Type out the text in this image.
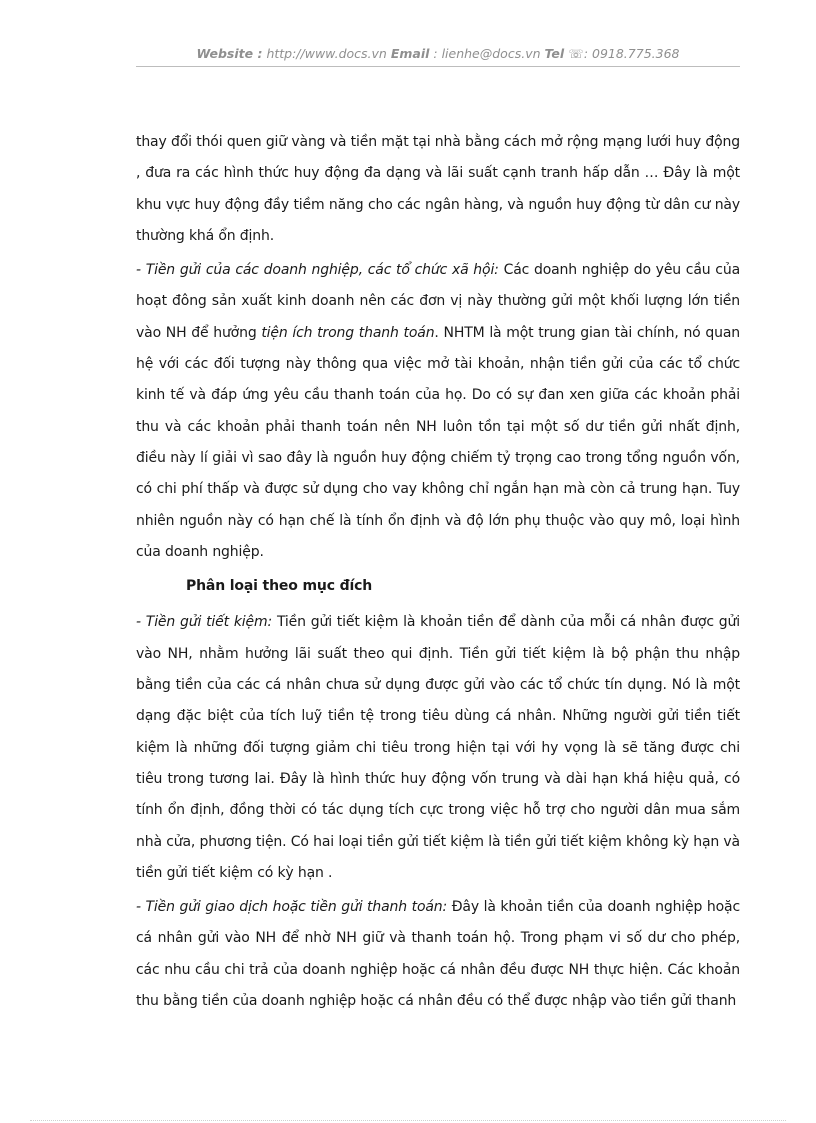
Website : http://www.docs.vn Email : lienhe@docs.vn Tel ☏: 0918.775.368

thay đổi thói quen giữ vàng và tiền mặt tại nhà bằng cách mở rộng mạng lưới huy động , đưa ra các hình thức huy động đa dạng và lãi suất cạnh tranh hấp dẫn … Đây là một khu vực huy động đầy tiềm năng cho các ngân hàng, và nguồn huy động từ dân cư này thường khá ổn định.

- Tiền gửi của các doanh nghiệp, các tổ chức xã hội: Các doanh nghiệp do yêu cầu của hoạt đông sản xuất kinh doanh nên các đơn vị này thường gửi một khối lượng lớn tiền vào NH để hưởng tiện ích trong thanh toán. NHTM là một trung gian tài chính, nó quan hệ với các đối tượng này thông qua việc mở tài khoản, nhận tiền gửi của các tổ chức kinh tế và đáp ứng yêu cầu thanh toán của họ. Do có sự đan xen giữa các khoản phải thu và các khoản phải thanh toán nên NH luôn tồn tại một số dư tiền gửi nhất định, điều này lí giải vì sao đây là nguồn huy động chiếm tỷ trọng cao trong tổng nguồn vốn, có chi phí thấp và được sử dụng cho vay không chỉ ngắn hạn mà còn cả trung hạn. Tuy nhiên nguồn này có hạn chế là tính ổn định và độ lớn phụ thuộc vào quy mô, loại hình của doanh nghiệp.

Phân loại theo mục đích

- Tiền gửi tiết kiệm: Tiền gửi tiết kiệm là khoản tiền để dành của mỗi cá nhân được gửi vào NH, nhằm hưởng lãi suất theo qui định. Tiền gửi tiết kiệm là bộ phận thu nhập bằng tiền của các cá nhân chưa sử dụng được gửi vào các tổ chức tín dụng. Nó là một dạng đặc biệt của tích luỹ tiền tệ trong tiêu dùng cá nhân. Những người gửi tiền tiết kiệm là những đối tượng giảm chi tiêu trong hiện tại với hy vọng là sẽ tăng được chi tiêu trong tương lai. Đây là hình thức huy động vốn trung và dài hạn khá hiệu quả, có tính ổn định, đồng thời có tác dụng tích cực trong việc hỗ trợ cho người dân mua sắm nhà cửa, phương tiện. Có hai loại tiền gửi tiết kiệm là tiền gửi tiết kiệm không kỳ hạn và tiền gửi tiết kiệm có kỳ hạn .

- Tiền gửi giao dịch hoặc tiền gửi thanh toán: Đây là khoản tiền của doanh nghiệp hoặc cá nhân gửi vào NH để nhờ NH giữ và thanh toán hộ. Trong phạm vi số dư cho phép, các nhu cầu chi trả của doanh nghiệp hoặc cá nhân đều được NH thực hiện. Các khoản thu bằng tiền của doanh nghiệp hoặc cá nhân đều có thể được nhập vào tiền gửi thanh
